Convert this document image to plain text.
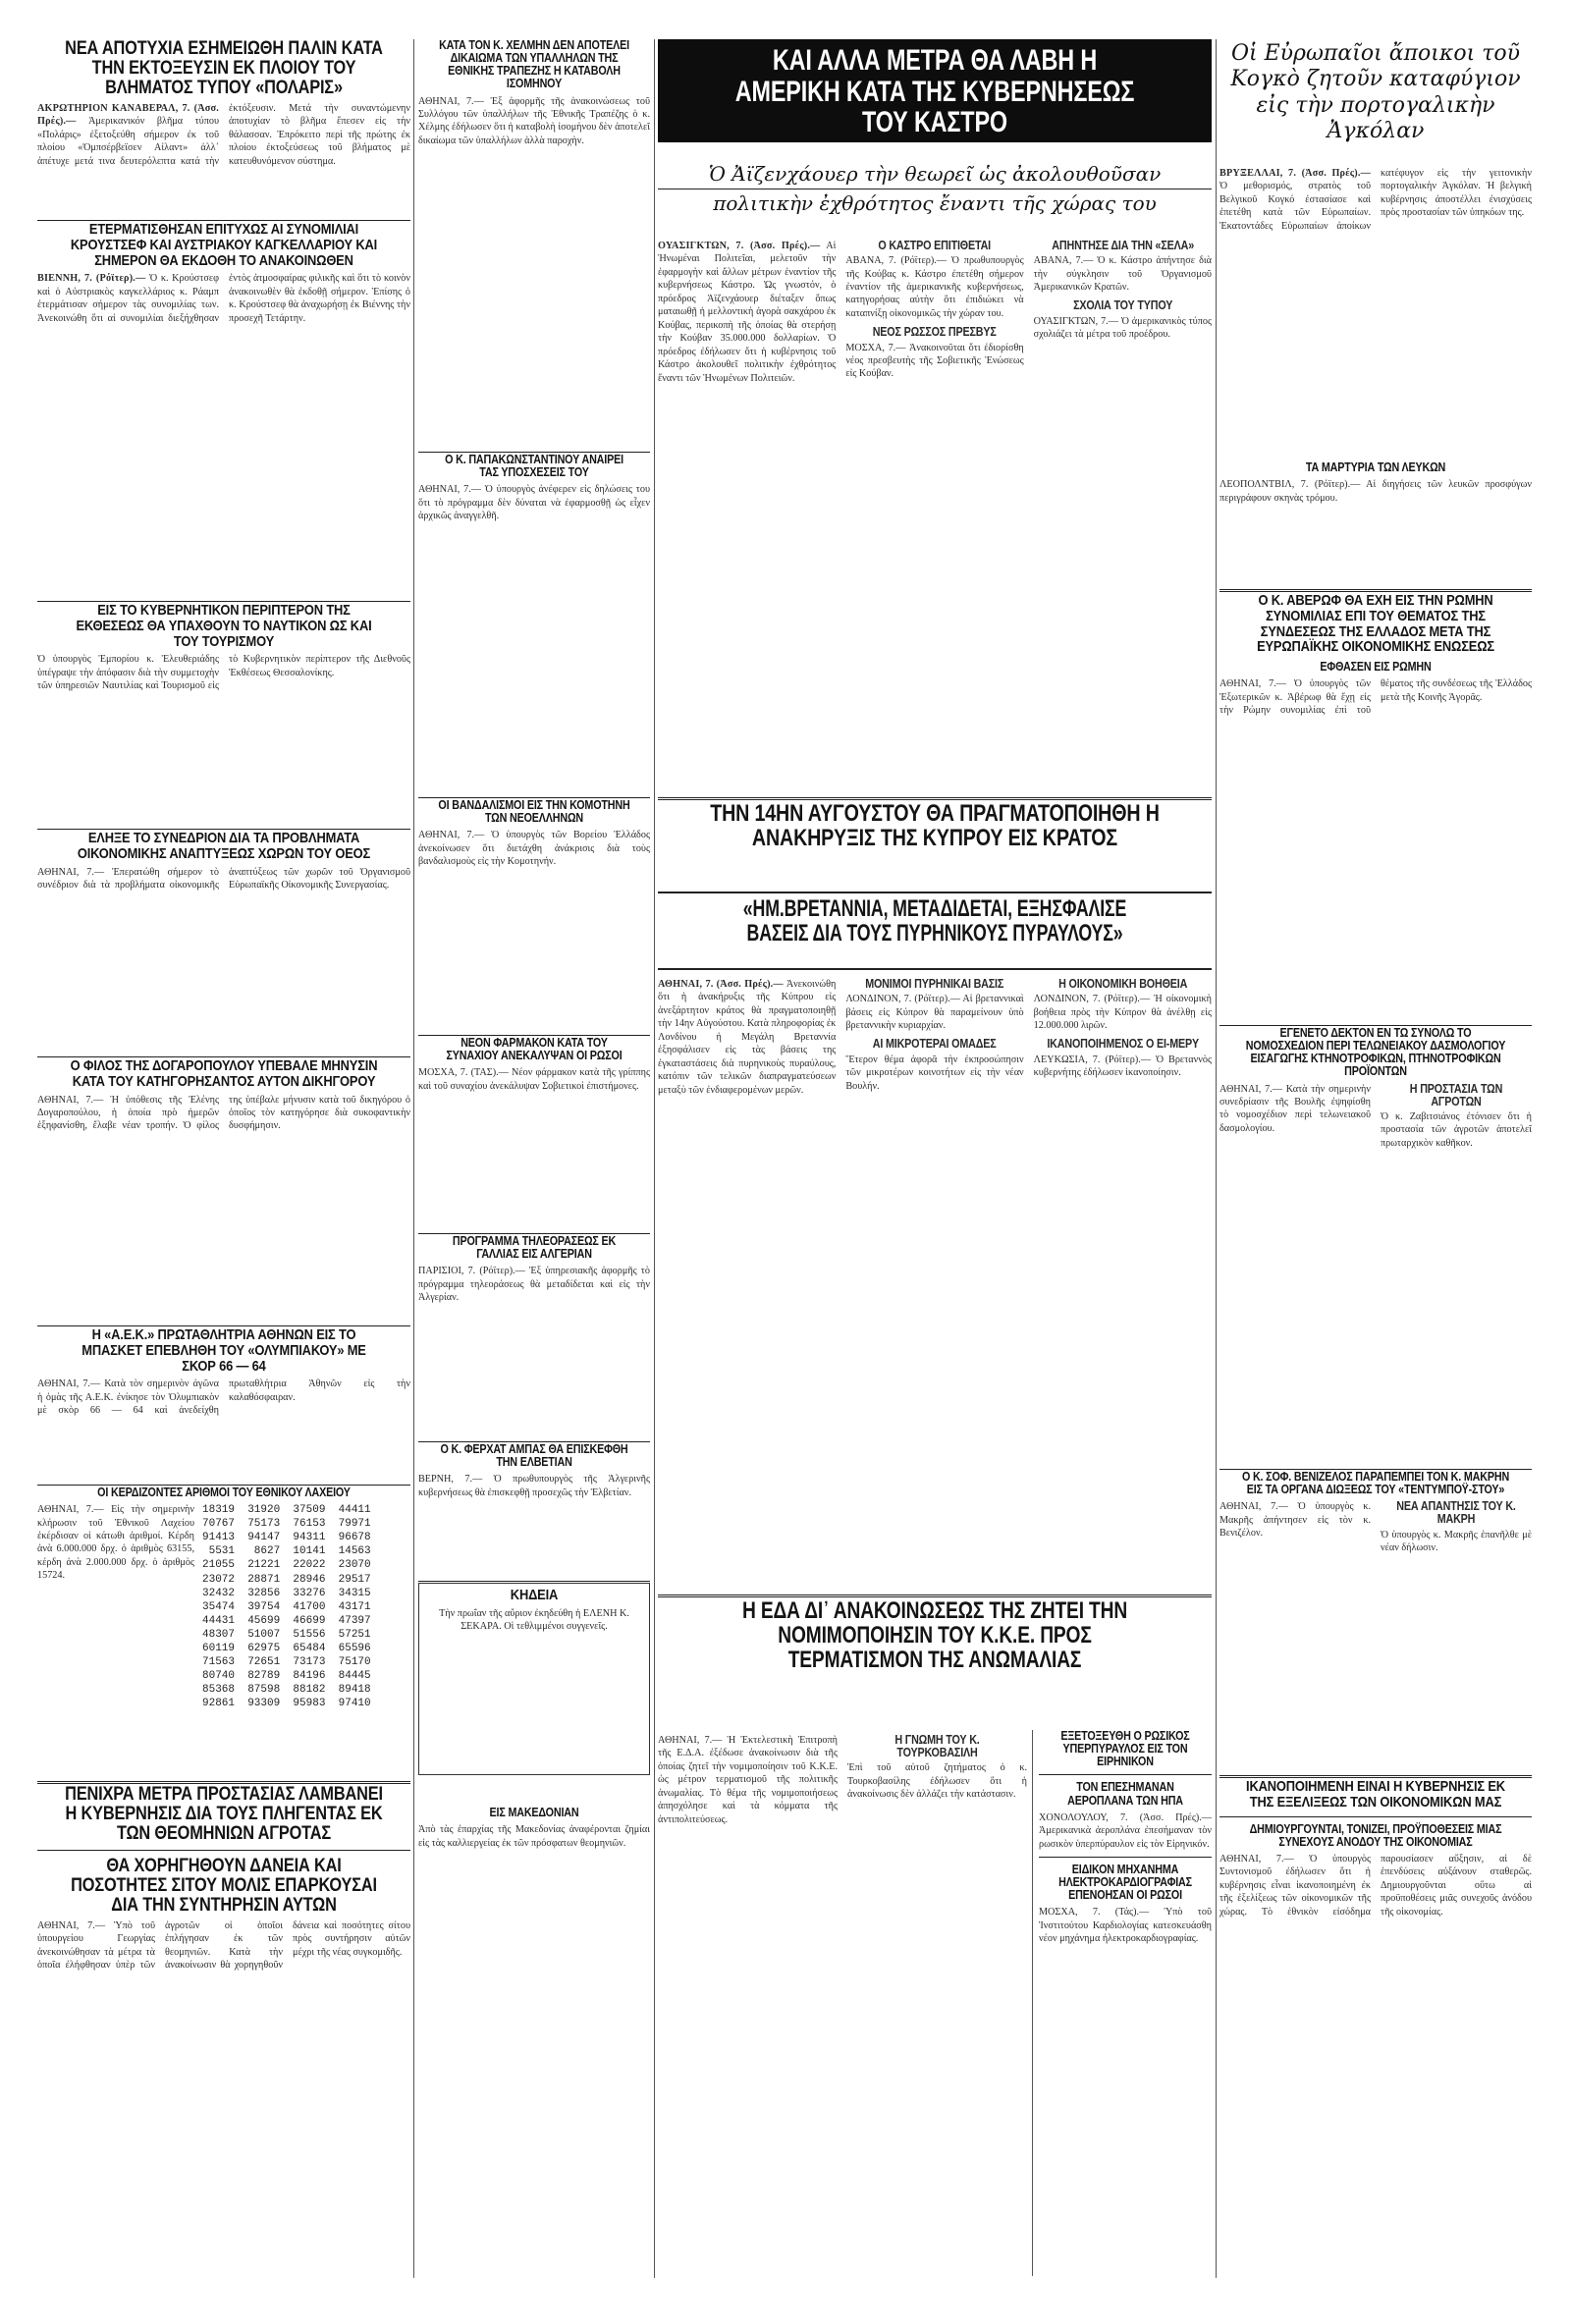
ΝΕΑ ΑΠΟΤΥΧΙΑ ΕΣΗΜΕΙΩΘΗ ΠΑΛΙΝ ΚΑΤΑ ΤΗΝ ΕΚΤΟΞΕΥΣΙΝ ΕΚ ΠΛΟΙΟΥ ΤΟΥ ΒΛΗΜΑΤΟΣ ΤΥΠΟΥ «ΠΟΛΑΡΙΣ»
ΑΚΡΩΤΗΡΙΟΝ ΚΑΝΑΒΕΡΑΛ, 7. (Ἀσσ. Πρές).— Ἀμερικανικόν βλῆμα τύπου «Πολάρις» ἐξετοξεύθη σήμερον ἐκ τοῦ πλοίου «Ὀμπσέρβεϊσεν Αἰλαντ» ἀλλ᾿ ἀπέτυχε μετά τινα δευτερόλεπτα κατά τὴν ἐκτόξευσιν. Μετά τὴν συναντώμενην ἀποτυχίαν τὸ βλῆμα ἔπεσεν εἰς τὴν θάλασσαν. Ἐπρόκειτο περὶ τῆς πρώτης ἐκ πλοίου ἐκτοξεύσεως τοῦ βλήματος μὲ κατευθυνόμενον σύστημα.
ΕΤΕΡΜΑΤΙΣΘΗΣΑΝ ΕΠΙΤΥΧΩΣ ΑΙ ΣΥΝΟΜΙΛΙΑΙ ΚΡΟΥΣΤΣΕΦ ΚΑΙ ΑΥΣΤΡΙΑΚΟΥ ΚΑΓΚΕΛΛΑΡΙΟΥ ΚΑΙ ΣΗΜΕΡΟΝ ΘΑ ΕΚΔΟΘΗ ΤΟ ΑΝΑΚΟΙΝΩΘΕΝ
ΒΙΕΝΝΗ, 7. (Ρόϊτερ).— Ὁ κ. Κρούστσεφ καὶ ὁ Αὐστριακὸς καγκελλάριος κ. Ράαμπ ἐτερμάτισαν σήμερον τὰς συνομιλίας των. Ἀνεκοινώθη ὅτι αἱ συνομιλίαι διεξήχθησαν ἐντὸς ἀτμοσφαίρας φιλικῆς καὶ ὅτι τὸ κοινὸν ἀνακοινωθὲν θὰ ἐκδοθῇ σήμερον. Ἐπίσης ὁ κ. Κρούστσεφ θὰ ἀναχωρήσῃ ἐκ Βιέννης τὴν προσεχῆ Τετάρτην.
ΕΙΣ ΤΟ ΚΥΒΕΡΝΗΤΙΚΟΝ ΠΕΡΙΠΤΕΡΟΝ ΤΗΣ ΕΚΘΕΣΕΩΣ ΘΑ ΥΠΑΧΘΟΥΝ ΤΟ ΝΑΥΤΙΚΟΝ ΩΣ ΚΑΙ ΤΟΥ ΤΟΥΡΙΣΜΟΥ
Ὁ ὑπουργὸς Ἐμπορίου κ. Ἐλευθεριάδης ὑπέγραψε τὴν ἀπόφασιν διὰ τὴν συμμετοχὴν τῶν ὑπηρεσιῶν Ναυτιλίας καὶ Τουρισμοῦ εἰς τὸ Κυβερνητικὸν περίπτερον τῆς Διεθνοῦς Ἐκθέσεως Θεσσαλονίκης.
ΕΛΗΞΕ ΤΟ ΣΥΝΕΔΡΙΟΝ ΔΙΑ ΤΑ ΠΡΟΒΛΗΜΑΤΑ ΟΙΚΟΝΟΜΙΚΗΣ ΑΝΑΠΤΥΞΕΩΣ ΧΩΡΩΝ ΤΟΥ ΟΕΟΣ
ΑΘΗΝΑΙ, 7.— Ἐπερατώθη σήμερον τὸ συνέδριον διὰ τὰ προβλήματα οἰκονομικῆς ἀναπτύξεως τῶν χωρῶν τοῦ Ὀργανισμοῦ Εὐρωπαϊκῆς Οἰκονομικῆς Συνεργασίας.
Ο ΦΙΛΟΣ ΤΗΣ ΔΟΓΑΡΟΠΟΥΛΟΥ ΥΠΕΒΑΛΕ ΜΗΝΥΣΙΝ ΚΑΤΑ ΤΟΥ ΚΑΤΗΓΟΡΗΣΑΝΤΟΣ ΑΥΤΟΝ ΔΙΚΗΓΟΡΟΥ
ΑΘΗΝΑΙ, 7.— Ἡ ὑπόθεσις τῆς Ἑλένης Δογαροπούλου, ἡ ὁποία πρὸ ἡμερῶν ἐξηφανίσθη, ἔλαβε νέαν τροπήν. Ὁ φίλος της ὑπέβαλε μήνυσιν κατὰ τοῦ δικηγόρου ὁ ὁποῖος τὸν κατηγόρησε διὰ συκοφαντικὴν δυσφήμησιν.
Η «Α.Ε.Κ.» ΠΡΩΤΑΘΛΗΤΡΙΑ ΑΘΗΝΩΝ ΕΙΣ ΤΟ ΜΠΑΣΚΕΤ ΕΠΕΒΛΗΘΗ ΤΟΥ «ΟΛΥΜΠΙΑΚΟΥ» ΜΕ ΣΚΟΡ 66 — 64
ΑΘΗΝΑΙ, 7.— Κατὰ τὸν σημερινὸν ἀγῶνα ἡ ὁμὰς τῆς Α.Ε.Κ. ἐνίκησε τὸν Ὀλυμπιακὸν μὲ σκὸρ 66 — 64 καὶ ἀνεδείχθη πρωταθλήτρια Ἀθηνῶν εἰς τὴν καλαθόσφαιραν.
ΟΙ ΚΕΡΔΙΖΟΝΤΕΣ ΑΡΙΘΜΟΙ ΤΟΥ ΕΘΝΙΚΟΥ ΛΑΧΕΙΟΥ
ΑΘΗΝΑΙ, 7.— Εἰς τὴν σημερινὴν κλήρωσιν τοῦ Ἐθνικοῦ Λαχείου ἐκέρδισαν οἱ κάτωθι ἀριθμοί. Κέρδη ἀνὰ 6.000.000 δρχ. ὁ ἀριθμὸς 63155, κέρδη ἀνὰ 2.000.000 δρχ. ὁ ἀριθμὸς 15724.
18319  31920  37509  44411
70767  75173  76153  79971
91413  94147  94311  96678
5531   8627  10141  14563
21055  21221  22022  23070
23072  28871  28946  29517
32432  32856  33276  34315
35474  39754  41700  43171
44431  45699  46699  47397
48307  51007  51556  57251
60119  62975  65484  65596
71563  72651  73173  75170
80740  82789  84196  84445
85368  87598  88182  89418
92861  93309  95983  97410
ΠΕΝΙΧΡΑ ΜΕΤΡΑ ΠΡΟΣΤΑΣΙΑΣ ΛΑΜΒΑΝΕΙ Η ΚΥΒΕΡΝΗΣΙΣ ΔΙΑ ΤΟΥΣ ΠΛΗΓΕΝΤΑΣ ΕΚ ΤΩΝ ΘΕΟΜΗΝΙΩΝ ΑΓΡΟΤΑΣ
ΘΑ ΧΟΡΗΓΗΘΟΥΝ ΔΑΝΕΙΑ ΚΑΙ ΠΟΣΟΤΗΤΕΣ ΣΙΤΟΥ ΜΟΛΙΣ ΕΠΑΡΚΟΥΣΑΙ ΔΙΑ ΤΗΝ ΣΥΝΤΗΡΗΣΙΝ ΑΥΤΩΝ
ΑΘΗΝΑΙ, 7.— Ὑπὸ τοῦ ὑπουργείου Γεωργίας ἀνεκοινώθησαν τὰ μέτρα τὰ ὁποῖα ἐλήφθησαν ὑπὲρ τῶν ἀγροτῶν οἱ ὁποῖοι ἐπλήγησαν ἐκ τῶν θεομηνιῶν. Κατὰ τὴν ἀνακοίνωσιν θὰ χορηγηθοῦν δάνεια καὶ ποσότητες σίτου πρὸς συντήρησιν αὐτῶν μέχρι τῆς νέας συγκομιδῆς.
ΚΑΤΑ ΤΟΝ Κ. ΧΕΛΜΗΝ ΔΕΝ ΑΠΟΤΕΛΕΙ ΔΙΚΑΙΩΜΑ ΤΩΝ ΥΠΑΛΛΗΛΩΝ ΤΗΣ ΕΘΝΙΚΗΣ ΤΡΑΠΕΖΗΣ Η ΚΑΤΑΒΟΛΗ ΙΣΟΜΗΝΟΥ
ΑΘΗΝΑΙ, 7.— Ἐξ ἀφορμῆς τῆς ἀνακοινώσεως τοῦ Συλλόγου τῶν ὑπαλλήλων τῆς Ἐθνικῆς Τραπέζης ὁ κ. Χέλμης ἐδήλωσεν ὅτι ἡ καταβολὴ ἰσομήνου δὲν ἀποτελεῖ δικαίωμα τῶν ὑπαλλήλων ἀλλὰ παροχὴν.
Ο Κ. ΠΑΠΑΚΩΝΣΤΑΝΤΙΝΟΥ ΑΝΑΙΡΕΙ ΤΑΣ ΥΠΟΣΧΕΣΕΙΣ ΤΟΥ
ΑΘΗΝΑΙ, 7.— Ὁ ὑπουργὸς ἀνέφερεν εἰς δηλώσεις του ὅτι τὸ πρόγραμμα δὲν δύναται νὰ ἐφαρμοσθῇ ὡς εἶχεν ἀρχικῶς ἀναγγελθῆ.
ΟΙ ΒΑΝΔΑΛΙΣΜΟΙ ΕΙΣ ΤΗΝ ΚΟΜΟΤΗΝΗ ΤΩΝ ΝΕΟΕΛΛΗΝΩΝ
ΑΘΗΝΑΙ, 7.— Ὁ ὑπουργὸς τῶν Βορείου Ἑλλάδος ἀνεκοίνωσεν ὅτι διετάχθη ἀνάκρισις διὰ τοὺς βανδαλισμοὺς εἰς τὴν Κομοτηνήν.
ΝΕΟΝ ΦΑΡΜΑΚΟΝ ΚΑΤΑ ΤΟΥ ΣΥΝΑΧΙΟΥ ΑΝΕΚΑΛΥΨΑΝ ΟΙ ΡΩΣΟΙ
ΜΟΣΧΑ, 7. (ΤΑΣ).— Νέον φάρμακον κατὰ τῆς γρίππης καὶ τοῦ συναχίου ἀνεκάλυψαν Σοβιετικοὶ ἐπιστήμονες.
ΠΡΟΓΡΑΜΜΑ ΤΗΛΕΟΡΑΣΕΩΣ ΕΚ ΓΑΛΛΙΑΣ ΕΙΣ ΑΛΓΕΡΙΑΝ
ΠΑΡΙΣΙΟΙ, 7. (Ρόϊτερ).— Ἐξ ὑπηρεσιακῆς ἀφορμῆς τὸ πρόγραμμα τηλεοράσεως θὰ μεταδίδεται καὶ εἰς τὴν Ἀλγερίαν.
Ο Κ. ΦΕΡΧΑΤ ΑΜΠΑΣ ΘΑ ΕΠΙΣΚΕΦΘΗ ΤΗΝ ΕΛΒΕΤΙΑΝ
ΒΕΡΝΗ, 7.— Ὁ πρωθυπουργὸς τῆς Ἀλγερινῆς κυβερνήσεως θὰ ἐπισκεφθῇ προσεχῶς τὴν Ἐλβετίαν.
ΚΗΔΕΙΑ
Τὴν πρωΐαν τῆς αὔριον ἐκηδεύθη ἡ ΕΛΕΝΗ Κ. ΣΕΚΑΡΑ. Οἱ τεθλιμμένοι συγγενεῖς.
ΕΙΣ ΜΑΚΕΔΟΝΙΑΝ
Ἀπὸ τὰς ἐπαρχίας τῆς Μακεδονίας ἀναφέρονται ζημίαι εἰς τὰς καλλιεργείας ἐκ τῶν πρόσφατων θεομηνιῶν.
ΚΑΙ ΑΛΛΑ ΜΕΤΡΑ ΘΑ ΛΑΒΗ Η ΑΜΕΡΙΚΗ ΚΑΤΑ ΤΗΣ ΚΥΒΕΡΝΗΣΕΩΣ ΤΟΥ ΚΑΣΤΡΟ
Ὁ Ἀϊζενχάουερ τὴν θεωρεῖ ὡς ἀκολουθοῦσαν
πολιτικὴν ἐχθρότητος ἔναντι τῆς χώρας του
ΟΥΑΣΙΓΚΤΩΝ, 7. (Ἀσσ. Πρές).— Αἱ Ἡνωμέναι Πολιτεῖαι, μελετοῦν τὴν ἐφαρμογὴν καὶ ἄλλων μέτρων ἐναντίον τῆς κυβερνήσεως Κάστρο. Ὡς γνωστόν, ὁ πρόεδρος Ἀϊζενχάουερ διέταξεν ὅπως ματαιωθῇ ἡ μελλοντικὴ ἀγορὰ σακχάρου ἐκ Κούβας, περικοπὴ τῆς ὁποίας θὰ στερήσῃ τὴν Κούβαν 35.000.000 δολλαρίων. Ὁ πρόεδρος ἐδήλωσεν ὅτι ἡ κυβέρνησις τοῦ Κάστρο ἀκολουθεῖ πολιτικὴν ἐχθρότητος ἔναντι τῶν Ἡνωμένων Πολιτειῶν.
Ο ΚΑΣΤΡΟ ΕΠΙΤΙΘΕΤΑΙ
ΑΒΑΝΑ, 7. (Ρόϊτερ).— Ὁ πρωθυπουργὸς τῆς Κούβας κ. Κάστρο ἐπετέθη σήμερον ἐναντίον τῆς ἀμερικανικῆς κυβερνήσεως, κατηγορήσας αὐτὴν ὅτι ἐπιδιώκει νὰ καταπνίξῃ οἰκονομικῶς τὴν χώραν του.
ΝΕΟΣ ΡΩΣΣΟΣ ΠΡΕΣΒΥΣ
ΜΟΣΧΑ, 7.— Ἀνακοινοῦται ὅτι ἐδιορίσθη νέος πρεσβευτὴς τῆς Σοβιετικῆς Ἑνώσεως εἰς Κούβαν.
ΑΠΗΝΤΗΣΕ ΔΙΑ ΤΗΝ «ΣΕΛΑ»
ΑΒΑΝΑ, 7.— Ὁ κ. Κάστρο ἀπήντησε διὰ τὴν σύγκλησιν τοῦ Ὀργανισμοῦ Ἀμερικανικῶν Κρατῶν.
ΣΧΟΛΙΑ ΤΟΥ ΤΥΠΟΥ
ΟΥΑΣΙΓΚΤΩΝ, 7.— Ὁ ἀμερικανικὸς τύπος σχολιάζει τὰ μέτρα τοῦ προέδρου.
ΤΗΝ 14ΗΝ ΑΥΓΟΥΣΤΟΥ ΘΑ ΠΡΑΓΜΑΤΟΠΟΙΗΘΗ Η ΑΝΑΚΗΡΥΞΙΣ ΤΗΣ ΚΥΠΡΟΥ ΕΙΣ ΚΡΑΤΟΣ
«ΗΜ.ΒΡΕΤΑΝΝΙΑ, ΜΕΤΑΔΙΔΕΤΑΙ, ΕΞΗΣΦΑΛΙΣΕ ΒΑΣΕΙΣ ΔΙΑ ΤΟΥΣ ΠΥΡΗΝΙΚΟΥΣ ΠΥΡΑΥΛΟΥΣ»
ΑΘΗΝΑΙ, 7. (Ἀσσ. Πρές).— Ἀνεκοινώθη ὅτι ἡ ἀνακήρυξις τῆς Κύπρου εἰς ἀνεξάρτητον κράτος θὰ πραγματοποιηθῇ τὴν 14ην Αὐγούστου. Κατὰ πληροφορίας ἐκ Λονδίνου ἡ Μεγάλη Βρεταννία ἐξησφάλισεν εἰς τὰς βάσεις της ἐγκαταστάσεις διὰ πυρηνικοὺς πυραύλους, κατόπιν τῶν τελικῶν διαπραγματεύσεων μεταξὺ τῶν ἐνδιαφερομένων μερῶν.
ΜΟΝΙΜΟΙ ΠΥΡΗΝΙΚΑΙ ΒΑΣΙΣ
ΛΟΝΔΙΝΟΝ, 7. (Ρόϊτερ).— Αἱ βρεταννικαὶ βάσεις εἰς Κύπρον θὰ παραμείνουν ὑπὸ βρεταννικὴν κυριαρχίαν.
ΑΙ ΜΙΚΡΟΤΕΡΑΙ ΟΜΑΔΕΣ
Ἕτερον θέμα ἀφορᾶ τὴν ἐκπροσώπησιν τῶν μικροτέρων κοινοτήτων εἰς τὴν νέαν Βουλήν.
Η ΟΙΚΟΝΟΜΙΚΗ ΒΟΗΘΕΙΑ
ΛΟΝΔΙΝΟΝ, 7. (Ρόϊτερ).— Ἡ οἰκονομικὴ βοήθεια πρὸς τὴν Κύπρον θὰ ἀνέλθῃ εἰς 12.000.000 λιρῶν.
ΙΚΑΝΟΠΟΙΗΜΕΝΟΣ Ο ΕΙ-ΜΕΡΥ
ΛΕΥΚΩΣΙΑ, 7. (Ρόϊτερ).— Ὁ Βρεταννὸς κυβερνήτης ἐδήλωσεν ἱκανοποίησιν.
Η ΕΔΑ ΔΙ᾿ ΑΝΑΚΟΙΝΩΣΕΩΣ ΤΗΣ ΖΗΤΕΙ ΤΗΝ ΝΟΜΙΜΟΠΟΙΗΣΙΝ ΤΟΥ Κ.Κ.Ε. ΠΡΟΣ ΤΕΡΜΑΤΙΣΜΟΝ ΤΗΣ ΑΝΩΜΑΛΙΑΣ
ΑΘΗΝΑΙ, 7.— Ἡ Ἐκτελεστικὴ Ἐπιτροπὴ τῆς Ε.Δ.Α. ἐξέδωσε ἀνακοίνωσιν διὰ τῆς ὁποίας ζητεῖ τὴν νομιμοποίησιν τοῦ Κ.Κ.Ε. ὡς μέτρον τερματισμοῦ τῆς πολιτικῆς ἀνωμαλίας. Τὸ θέμα τῆς νομιμοποιήσεως ἀπησχόλησε καὶ τὰ κόμματα τῆς ἀντιπολιτεύσεως.
Η ΓΝΩΜΗ ΤΟΥ Κ. ΤΟΥΡΚΟΒΑΣΙΛΗ
Ἐπὶ τοῦ αὐτοῦ ζητήματος ὁ κ. Τουρκοβασίλης ἐδήλωσεν ὅτι ἡ ἀνακοίνωσις δὲν ἀλλάζει τὴν κατάστασιν.
ΕΞΕΤΟΞΕΥΘΗ Ο ΡΩΣΙΚΟΣ ΥΠΕΡΠΥΡΑΥΛΟΣ ΕΙΣ ΤΟΝ ΕΙΡΗΝΙΚΟΝ
ΤΟΝ ΕΠΕΣΗΜΑΝΑΝ ΑΕΡΟΠΛΑΝΑ ΤΩΝ ΗΠΑ
ΧΟΝΟΛΟΥΛΟΥ, 7. (Ἀσσ. Πρές).— Ἀμερικανικὰ ἀεροπλάνα ἐπεσήμαναν τὸν ρωσικὸν ὑπερπύραυλον εἰς τὸν Εἰρηνικόν.
ΕΙΔΙΚΟΝ ΜΗΧΑΝΗΜΑ ΗΛΕΚΤΡΟΚΑΡΔΙΟΓΡΑΦΙΑΣ ΕΠΕΝΟΗΣΑΝ ΟΙ ΡΩΣΟΙ
ΜΟΣΧΑ, 7. (Τάς).— Ὑπὸ τοῦ Ἰνστιτούτου Καρδιολογίας κατεσκευάσθη νέον μηχάνημα ἠλεκτροκαρδιογραφίας.
Οἱ Εὐρωπαῖοι ἄποικοι τοῦ Κογκὸ ζητοῦν καταφύγιον εἰς τὴν πορτογαλικὴν Ἀγκόλαν
ΒΡΥΞΕΛΛΑΙ, 7. (Ἀσσ. Πρές).— Ὁ μεθορισμός, στρατὸς τοῦ Βελγικοῦ Κογκό ἐστασίασε καὶ ἐπετέθη κατὰ τῶν Εὐρωπαίων. Ἑκατοντάδες Εὐρωπαίων ἀποίκων κατέφυγον εἰς τὴν γειτονικὴν πορτογαλικὴν Ἀγκόλαν. Ἡ βελγικὴ κυβέρνησις ἀποστέλλει ἐνισχύσεις πρὸς προστασίαν τῶν ὑπηκόων της.
ΤΑ ΜΑΡΤΥΡΙΑ ΤΩΝ ΛΕΥΚΩΝ
ΛΕΟΠΟΛΝΤΒΙΛ, 7. (Ρόϊτερ).— Αἱ διηγήσεις τῶν λευκῶν προσφύγων περιγράφουν σκηνὰς τρόμου.
Ο Κ. ΑΒΕΡΩΦ ΘΑ ΕΧΗ ΕΙΣ ΤΗΝ ΡΩΜΗΝ ΣΥΝΟΜΙΛΙΑΣ ΕΠΙ ΤΟΥ ΘΕΜΑΤΟΣ ΤΗΣ ΣΥΝΔΕΣΕΩΣ ΤΗΣ ΕΛΛΑΔΟΣ ΜΕΤΑ ΤΗΣ ΕΥΡΩΠΑΪΚΗΣ ΟΙΚΟΝΟΜΙΚΗΣ ΕΝΩΣΕΩΣ
ΕΦΘΑΣΕΝ ΕΙΣ ΡΩΜΗΝ
ΑΘΗΝΑΙ, 7.— Ὁ ὑπουργὸς τῶν Ἐξωτερικῶν κ. Ἀβέρωφ θὰ ἔχῃ εἰς τὴν Ρώμην συνομιλίας ἐπὶ τοῦ θέματος τῆς συνδέσεως τῆς Ἑλλάδος μετὰ τῆς Κοινῆς Ἀγορᾶς.
ΕΓΕΝΕΤΟ ΔΕΚΤΟΝ ΕΝ ΤΩ ΣΥΝΟΛΩ ΤΟ ΝΟΜΟΣΧΕΔΙΟΝ ΠΕΡΙ ΤΕΛΩΝΕΙΑΚΟΥ ΔΑΣΜΟΛΟΓΙΟΥ ΕΙΣΑΓΩΓΗΣ ΚΤΗΝΟΤΡΟΦΙΚΩΝ, ΠΤΗΝΟΤΡΟΦΙΚΩΝ ΠΡΟΪΟΝΤΩΝ
ΑΘΗΝΑΙ, 7.— Κατὰ τὴν σημερινὴν συνεδρίασιν τῆς Βουλῆς ἐψηφίσθη τὸ νομοσχέδιον περὶ τελωνειακοῦ δασμολογίου.
Η ΠΡΟΣΤΑΣΙΑ ΤΩΝ ΑΓΡΟΤΩΝ
Ὁ κ. Ζαβιτσιάνος ἐτόνισεν ὅτι ἡ προστασία τῶν ἀγροτῶν ἀποτελεῖ πρωταρχικὸν καθῆκον.
Ο Κ. ΣΟΦ. ΒΕΝΙΖΕΛΟΣ ΠΑΡΑΠΕΜΠΕΙ ΤΟΝ Κ. ΜΑΚΡΗΝ ΕΙΣ ΤΑ ΟΡΓΑΝΑ ΔΙΩΞΕΩΣ ΤΟΥ «ΤΕΝΤΥΜΠΟΫ-ΣΤΟΥ»
ΑΘΗΝΑΙ, 7.— Ὁ ὑπουργὸς κ. Μακρῆς ἀπήντησεν εἰς τὸν κ. Βενιζέλον.
ΝΕΑ ΑΠΑΝΤΗΣΙΣ ΤΟΥ Κ. ΜΑΚΡΗ
Ὁ ὑπουργὸς κ. Μακρῆς ἐπανῆλθε μὲ νέαν δήλωσιν.
ΙΚΑΝΟΠΟΙΗΜΕΝΗ ΕΙΝΑΙ Η ΚΥΒΕΡΝΗΣΙΣ ΕΚ ΤΗΣ ΕΞΕΛΙΞΕΩΣ ΤΩΝ ΟΙΚΟΝΟΜΙΚΩΝ ΜΑΣ
ΔΗΜΙΟΥΡΓΟΥΝΤΑΙ, ΤΟΝΙΖΕΙ, ΠΡΟΫΠΟΘΕΣΕΙΣ ΜΙΑΣ ΣΥΝΕΧΟΥΣ ΑΝΟΔΟΥ ΤΗΣ ΟΙΚΟΝΟΜΙΑΣ
ΑΘΗΝΑΙ, 7.— Ὁ ὑπουργὸς Συντονισμοῦ ἐδήλωσεν ὅτι ἡ κυβέρνησις εἶναι ἱκανοποιημένη ἐκ τῆς ἐξελίξεως τῶν οἰκονομικῶν τῆς χώρας. Τὸ ἐθνικὸν εἰσόδημα παρουσίασεν αὔξησιν, αἱ δὲ ἐπενδύσεις αὐξάνουν σταθερῶς. Δημιουργοῦνται οὕτω αἱ προϋποθέσεις μιᾶς συνεχοῦς ἀνόδου τῆς οἰκονομίας.
